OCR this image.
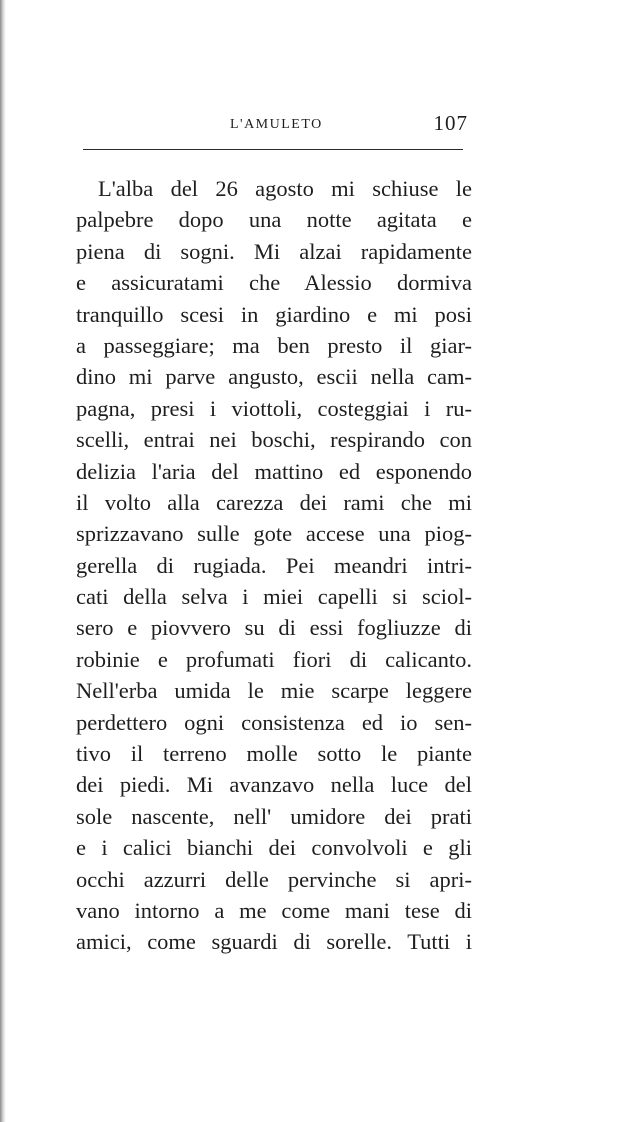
L'AMULETO	107
L'alba del 26 agosto mi schiuse le
palpebre dopo una notte agitata e
piena di sogni. Mi alzai rapidamente
e assicuratami che Alessio dormiva
tranquillo scesi in giardino e mi posi
a passeggiare; ma ben presto il giar-
dino mi parve angusto, escii nella cam-
pagna, presi i viottoli, costeggiai i ru-
scelli, entrai nei boschi, respirando con
delizia l'aria del mattino ed esponendo
il volto alla carezza dei rami che mi
sprizzavano sulle gote accese una piog-
gerella di rugiada. Pei meandri intri-
cati della selva i miei capelli si sciol-
sero e piovvero su di essi fogliuzze di
robinie e profumati fiori di calicanto.
Nell'erba umida le mie scarpe leggere
perdettero ogni consistenza ed io sen-
tivo il terreno molle sotto le piante
dei piedi. Mi avanzavo nella luce del
sole nascente, nell' umidore dei prati
e i calici bianchi dei convolvoli e gli
occhi azzurri delle pervinche si apri-
vano intorno a me come mani tese di
amici, come sguardi di sorelle. Tutti i
